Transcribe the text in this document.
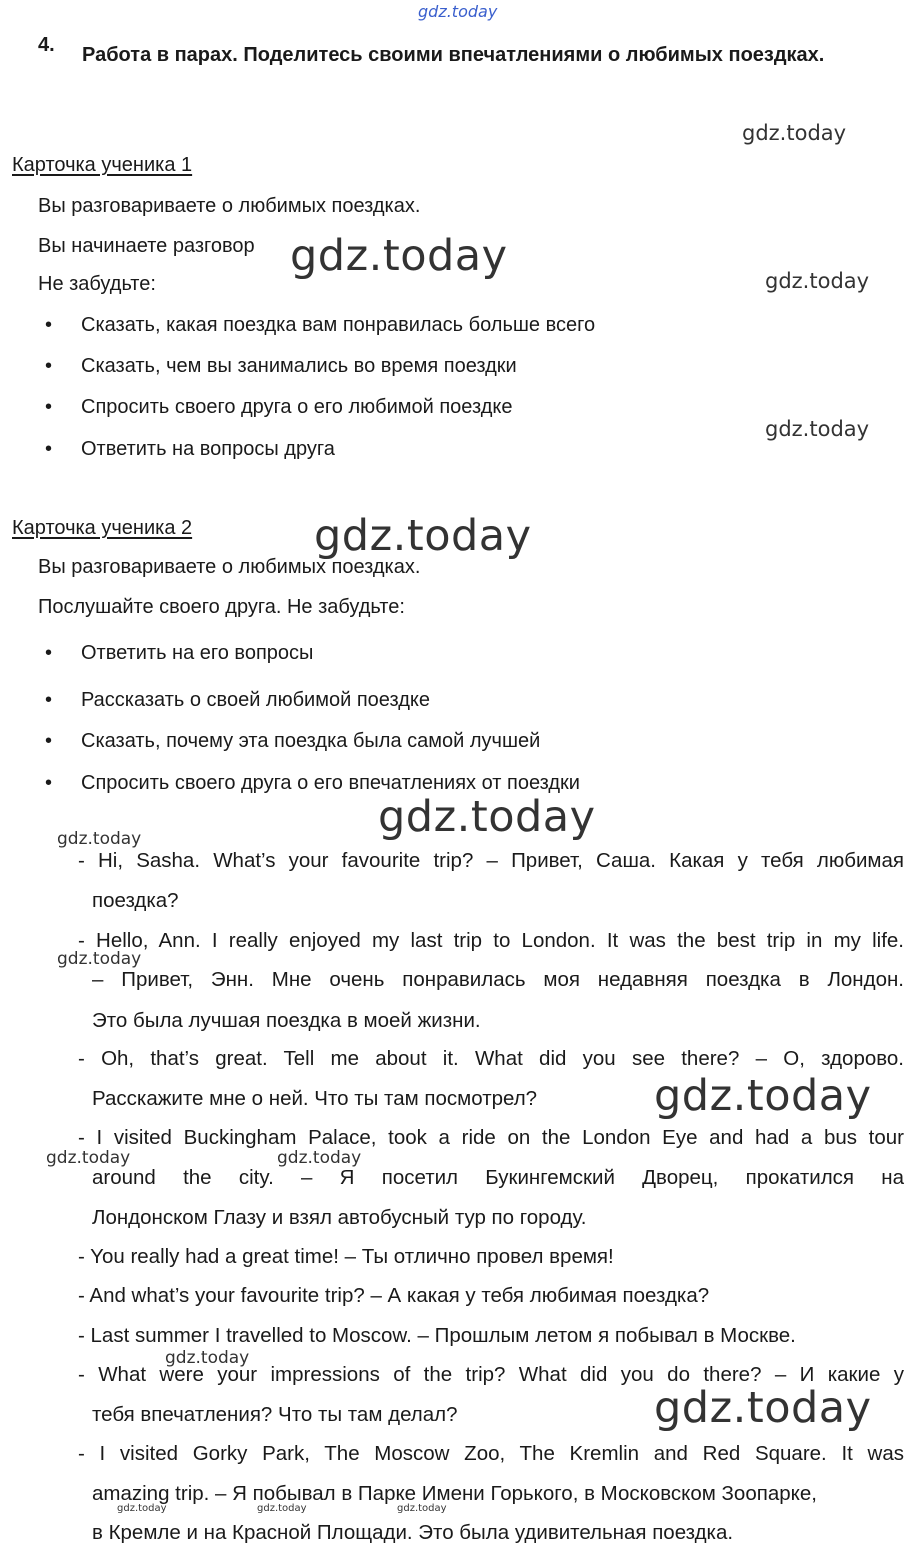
gdz.today
gdz.today
gdz.today	gdz.today
gdz.today
gdz.today
gdz.today
gdz.today
gdz.today
gdz.today
gdz.today	gdz.today
gdz.today
gdz.today
gdz.today	gdz.today	gdz.today
4. Работа в парах. Поделитесь своими впечатлениями о любимых поездках.
Карточка ученика 1
Вы разговариваете о любимых поездках.
Вы начинаете разговор
Не забудьте:
• Сказать, какая поездка вам понравилась больше всего
• Сказать, чем вы занимались во время поездки
• Спросить своего друга о его любимой поездке
• Ответить на вопросы друга
Карточка ученика 2
Вы разговариваете о любимых поездках.
Послушайте своего друга. Не забудьте:
• Ответить на его вопросы
• Рассказать о своей любимой поездке
• Сказать, почему эта поездка была самой лучшей
• Спросить своего друга о его впечатлениях от поездки
- Hi, Sasha. What’s your favourite trip? – Привет, Саша. Какая у тебя любимая
поездка?
- Hello, Ann. I really enjoyed my last trip to London. It was the best trip in my life.
– Привет, Энн. Мне очень понравилась моя недавняя поездка в Лондон.
Это была лучшая поездка в моей жизни.
- Oh, that’s great. Tell me about it. What did you see there? – О, здорово.
Расскажите мне о ней. Что ты там посмотрел?
- I visited Buckingham Palace, took a ride on the London Eye and had a bus tour
around the city. – Я посетил Букингемский Дворец, прокатился на
Лондонском Глазу и взял автобусный тур по городу.
- You really had a great time! – Ты отлично провел время!
- And what’s your favourite trip? – А какая у тебя любимая поездка?
- Last summer I travelled to Moscow. – Прошлым летом я побывал в Москве.
- What were your impressions of the trip? What did you do there? – И какие у
тебя впечатления? Что ты там делал?
- I visited Gorky Park, The Moscow Zoo, The Kremlin and Red Square. It was
amazing trip. – Я побывал в Парке Имени Горького, в Московском Зоопарке,
в Кремле и на Красной Площади. Это была удивительная поездка.
